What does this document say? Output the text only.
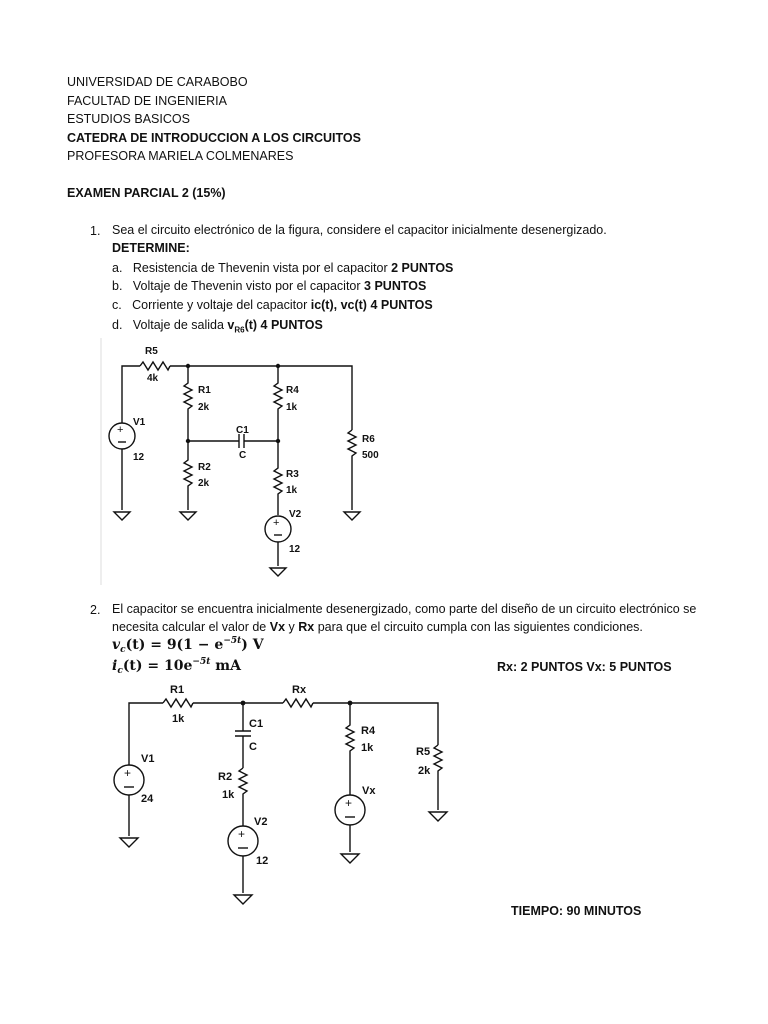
UNIVERSIDAD DE CARABOBO
FACULTAD DE INGENIERIA
ESTUDIOS BASICOS
CATEDRA DE INTRODUCCION A LOS CIRCUITOS
PROFESORA MARIELA COLMENARES
EXAMEN PARCIAL 2 (15%)
1. Sea el circuito electrónico de la figura, considere el capacitor inicialmente desenergizado.
DETERMINE:
a. Resistencia de Thevenin vista por el capacitor 2 PUNTOS
b. Voltaje de Thevenin visto por el capacitor 3 PUNTOS
c. Corriente y voltaje del capacitor ic(t), vc(t) 4 PUNTOS
d. Voltaje de salida $v_{R6}(t)$ 4 PUNTOS
+
+
R5
4k
R1
2k
R2
2k
R4
1k
R3
1k
R6
500
C1
C
V1
12
V2
12
2. El capacitor se encuentra inicialmente desenergizado, como parte del diseño de un circuito electrónico se
necesita calcular el valor de Vx y Rx para que el circuito cumpla con las siguientes condiciones.
$v_c(t) = 9(1 - e^{-5t})$ V
$i_c(t) = 10e^{-5t}$ mA	Rx: 2 PUNTOS Vx: 5 PUNTOS
+
+
+
R1
1k
Rx
C1
C
R2
1k
R4
1k	R5
2k
V1
24
V2
12
Vx
TIEMPO: 90 MINUTOS
